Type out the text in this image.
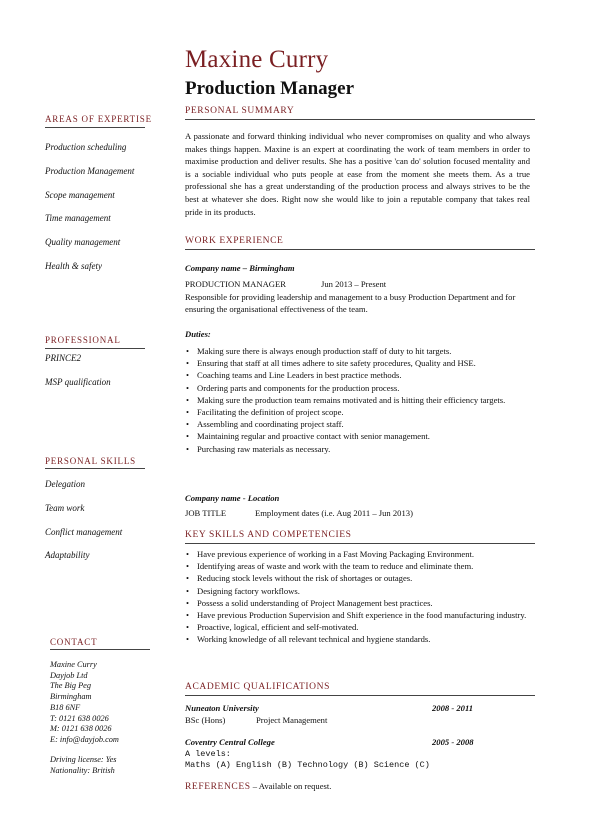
Maxine Curry
Production Manager
AREAS OF EXPERTISE
Production scheduling
Production Management
Scope management
Time management
Quality management
Health & safety
PROFESSIONAL
PRINCE2
MSP qualification
PERSONAL SKILLS
Delegation
Team work
Conflict management
Adaptability
CONTACT
Maxine Curry
Dayjob Ltd
The Big Peg
Birmingham
B18 6NF
T: 0121 638 0026
M: 0121 638 0026
E: info@dayjob.com
Driving license: Yes
Nationality: British
PERSONAL SUMMARY
A passionate and forward thinking individual who never compromises on quality and who always makes things happen. Maxine is an expert at coordinating the work of team members in order to maximise production and deliver results. She has a positive 'can do' solution focused mentality and is a sociable individual who puts people at ease from the moment she meets them. As a true professional she has a great understanding of the production process and always strives to be the best at whatever she does. Right now she would like to join a reputable company that takes real pride in its products.
WORK EXPERIENCE
Company name – Birmingham
PRODUCTION MANAGER	Jun 2013 – Present
Responsible for providing leadership and management to a busy Production Department and for ensuring the organisational effectiveness of the team.
Duties:
• Making sure there is always enough production staff of duty to hit targets.
• Ensuring that staff at all times adhere to site safety procedures, Quality and HSE.
• Coaching teams and Line Leaders in best practice methods.
• Ordering parts and components for the production process.
• Making sure the production team remains motivated and is hitting their efficiency targets.
• Facilitating the definition of project scope.
• Assembling and coordinating project staff.
• Maintaining regular and proactive contact with senior management.
• Purchasing raw materials as necessary.
Company name - Location
JOB TITLE	Employment dates (i.e. Aug 2011 – Jun 2013)
KEY SKILLS AND COMPETENCIES
• Have previous experience of working in a Fast Moving Packaging Environment.
• Identifying areas of waste and work with the team to reduce and eliminate them.
• Reducing stock levels without the risk of shortages or outages.
• Designing factory workflows.
• Possess a solid understanding of Project Management best practices.
• Have previous Production Supervision and Shift experience in the food manufacturing industry.
• Proactive, logical, efficient and self-motivated.
• Working knowledge of all relevant technical and hygiene standards.
ACADEMIC QUALIFICATIONS
Nuneaton University	2008 - 2011
BSc (Hons)	Project Management
Coventry Central College	2005 - 2008
A levels:
Maths (A) English (B) Technology (B) Science (C)
REFERENCES – Available on request.
